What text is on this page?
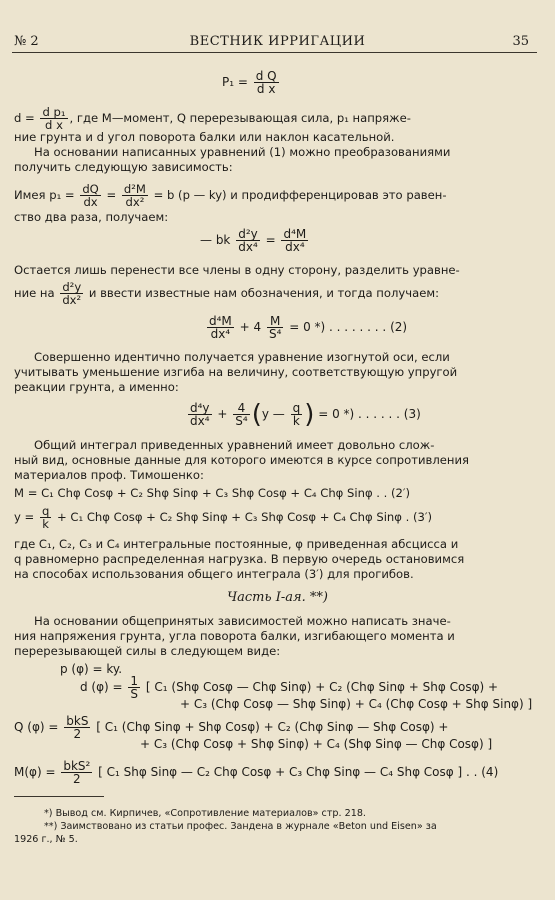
№ 2	ВЕСТНИК ИРРИГАЦИИ	35
$P_1 = \frac{\text{d Q}}{\text{d x}}$
$d = \frac{\text{d p₁}}{\text{d x}}$ , где M—момент, Q перерезывающая сила, p₁ напряже-
ние грунта и d угол поворота балки или наклон касательной.
На основании написанных уравнений (1) можно преобразованиями
получить следующую зависимость:
Имея $p_1 = \frac{dQ}{dx} = \frac{\text{d²M}}{\text{dx²}} = b$ (p — ky) и продифференцировав это равен-
ство два раза, получаем:
— bk $\frac{\text{d²y}}{\text{dx⁴}} = \frac{\text{d⁴M}}{\text{dx⁴}}$
Остается лишь перенести все члены в одну сторону, разделить уравне-
ние на $\frac{\text{d²y}}{\text{dx²}}$ и ввести известные нам обозначения, и тогда получаем:
$\frac{\text{d⁴M}}{\text{dx⁴}} + 4 \frac{M}{\text{S⁴}} = 0$ *) . . . . . . . . (2)
Совершенно идентично получается уравнение изогнутой оси, если
учитывать уменьшение изгиба на величину, соответствующую упругой
реакции грунта, а именно:
$\frac{\text{d⁴y}}{\text{dx⁴}} + \frac{4}{\text{S⁴}} (y$ — $\frac{q}{k}$ ) = 0 *) . . . . . . (3)
Общий интеграл приведенных уравнений имеет довольно слож-
ный вид, основные данные для которого имеются в курсе сопротивления
материалов проф. Тимошенко:
M = C₁ Chφ Cosφ + C₂ Shφ Sinφ + C₃ Shφ Cosφ + C₄ Chφ Sinφ . . (2′)
$y = \frac{q}{k} + C_1$ Chφ Cosφ + C₂ Shφ Sinφ + C₃ Shφ Cosφ + C₄ Chφ Sinφ . (3′)
где C₁, C₂, C₃ и C₄ интегральные постоянные, φ приведенная абсцисса и
q равномерно распределенная нагрузка. В первую очередь остановимся
на способах использования общего интеграла (3′) для прогибов.
Часть I-ая. **)
На основании общепринятых зависимостей можно написать значе-
ния напряжения грунта, угла поворота балки, изгибающего момента и
перерезывающей силы в следующем виде:
p (φ) = ky.
d $(\varphi) = \frac{1}{S}$ [ C₁ (Shφ Cosφ — Chφ Sinφ) + C₂ (Chφ Sinφ + Shφ Cosφ) +
+ C₃ (Chφ Cosφ — Shφ Sinφ) + C₄ (Chφ Cosφ + Shφ Sinφ) ]
Q $(\varphi) = \frac{\text{bkS}}{2}$ [ C₁ (Chφ Sinφ + Shφ Cosφ) + C₂ (Chφ Sinφ — Shφ Cosφ) +
+ C₃ (Chφ Cosφ + Shφ Sinφ) + C₄ (Shφ Sinφ — Chφ Cosφ) ]
$M(\varphi) = \frac{\text{bkS²}}{2}$ [ C₁ Shφ Sinφ — C₂ Chφ Cosφ + C₃ Chφ Sinφ — C₄ Shφ Cosφ ] . . (4)
*) Вывод см. Кирпичев, «Сопротивление материалов» стр. 218.
**) Заимствовано из статьи профес. Зандена в журнале «Beton und Eisen» за
1926 г., № 5.
